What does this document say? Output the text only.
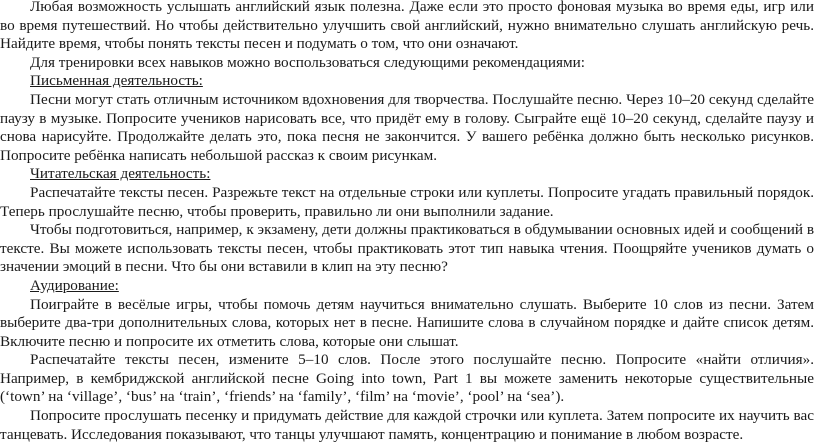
Любая возможность услышать английский язык полезна. Даже если это просто фоновая музыка во время еды, игр или во время путешествий. Но чтобы действительно улучшить свой английский, нужно внимательно слушать английскую речь. Найдите время, чтобы понять тексты песен и подумать о том, что они означают.

Для тренировки всех навыков можно воспользоваться следующими рекомендациями:

Письменная деятельность:

Песни могут стать отличным источником вдохновения для творчества. Послушайте песню. Через 10–20 секунд сделайте паузу в музыке. Попросите учеников нарисовать все, что придёт ему в голову. Сыграйте ещё 10–20 секунд, сделайте паузу и снова нарисуйте. Продолжайте делать это, пока песня не закончится. У вашего ребёнка должно быть несколько рисунков. Попросите ребёнка написать небольшой рассказ к своим рисункам.

Читательская деятельность:

Распечатайте тексты песен. Разрежьте текст на отдельные строки или куплеты. Попросите угадать правильный порядок. Теперь прослушайте песню, чтобы проверить, правильно ли они выполнили задание.

Чтобы подготовиться, например, к экзамену, дети должны практиковаться в обдумывании основных идей и сообщений в тексте. Вы можете использовать тексты песен, чтобы практиковать этот тип навыка чтения. Поощряйте учеников думать о значении эмоций в песни. Что бы они вставили в клип на эту песню?

Аудирование:

Поиграйте в весёлые игры, чтобы помочь детям научиться внимательно слушать. Выберите 10 слов из песни. Затем выберите два-три дополнительных слова, которых нет в песне. Напишите слова в случайном порядке и дайте список детям. Включите песню и попросите их отметить слова, которые они слышат.

Распечатайте тексты песен, измените 5–10 слов. После этого послушайте песню. Попросите «найти отличия». Например, в кембриджской английской песне Going into town, Part 1 вы можете заменить некоторые существительные (‘town’ на ‘village’, ‘bus’ на ‘train’, ‘friends’ на ‘family’, ‘film’ на ‘movie’, ‘pool’ на ‘sea’).

Попросите прослушать песенку и придумать действие для каждой строчки или куплета. Затем попросите их научить вас танцевать. Исследования показывают, что танцы улучшают память, концентрацию и понимание в любом возрасте.
